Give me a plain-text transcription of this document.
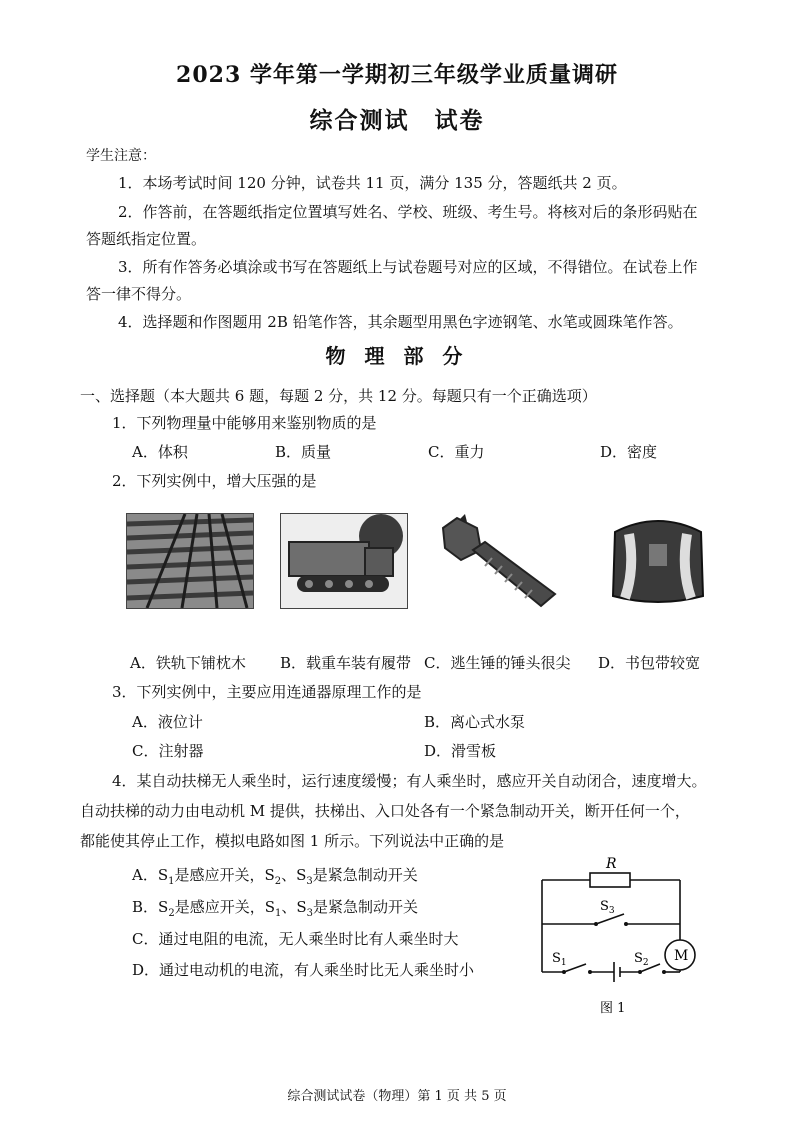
2023 学年第一学期初三年级学业质量调研
综合测试　试卷
学生注意：
1．本场考试时间 120 分钟，试卷共 11 页，满分 135 分，答题纸共 2 页。
2．作答前，在答题纸指定位置填写姓名、学校、班级、考生号。将核对后的条形码贴在
答题纸指定位置。
3．所有作答务必填涂或书写在答题纸上与试卷题号对应的区域，不得错位。在试卷上作
答一律不得分。
4．选择题和作图题用 2B 铅笔作答，其余题型用黑色字迹钢笔、水笔或圆珠笔作答。
物 理 部 分
一、选择题（本大题共 6 题，每题 2 分，共 12 分。每题只有一个正确选项）
1．下列物理量中能够用来鉴别物质的是
A．体积	B．质量	C．重力	D．密度
2．下列实例中，增大压强的是
A．铁轨下铺枕木 B．载重车装有履带 C．逃生锤的锤头很尖 D．书包带较宽
3．下列实例中，主要应用连通器原理工作的是
A．液位计	B．离心式水泵
C．注射器	D．滑雪板
4．某自动扶梯无人乘坐时，运行速度缓慢；有人乘坐时，感应开关自动闭合，速度增大。
自动扶梯的动力由电动机 M 提供，扶梯出、入口处各有一个紧急制动开关，断开任何一个，
都能使其停止工作，模拟电路如图 1 所示。下列说法中正确的是
A．$S_1$是感应开关，$S_2$、$S_3$是紧急制动开关
B．$S_2$是感应开关，$S_1$、$S_3$是紧急制动开关
C．通过电阻的电流，无人乘坐时比有人乘坐时大
D．通过电动机的电流，有人乘坐时比无人乘坐时小
R
$S_3$
$S_1$	$S_2$ M
图 1
综合测试试卷（物理）第 1 页 共 5 页
